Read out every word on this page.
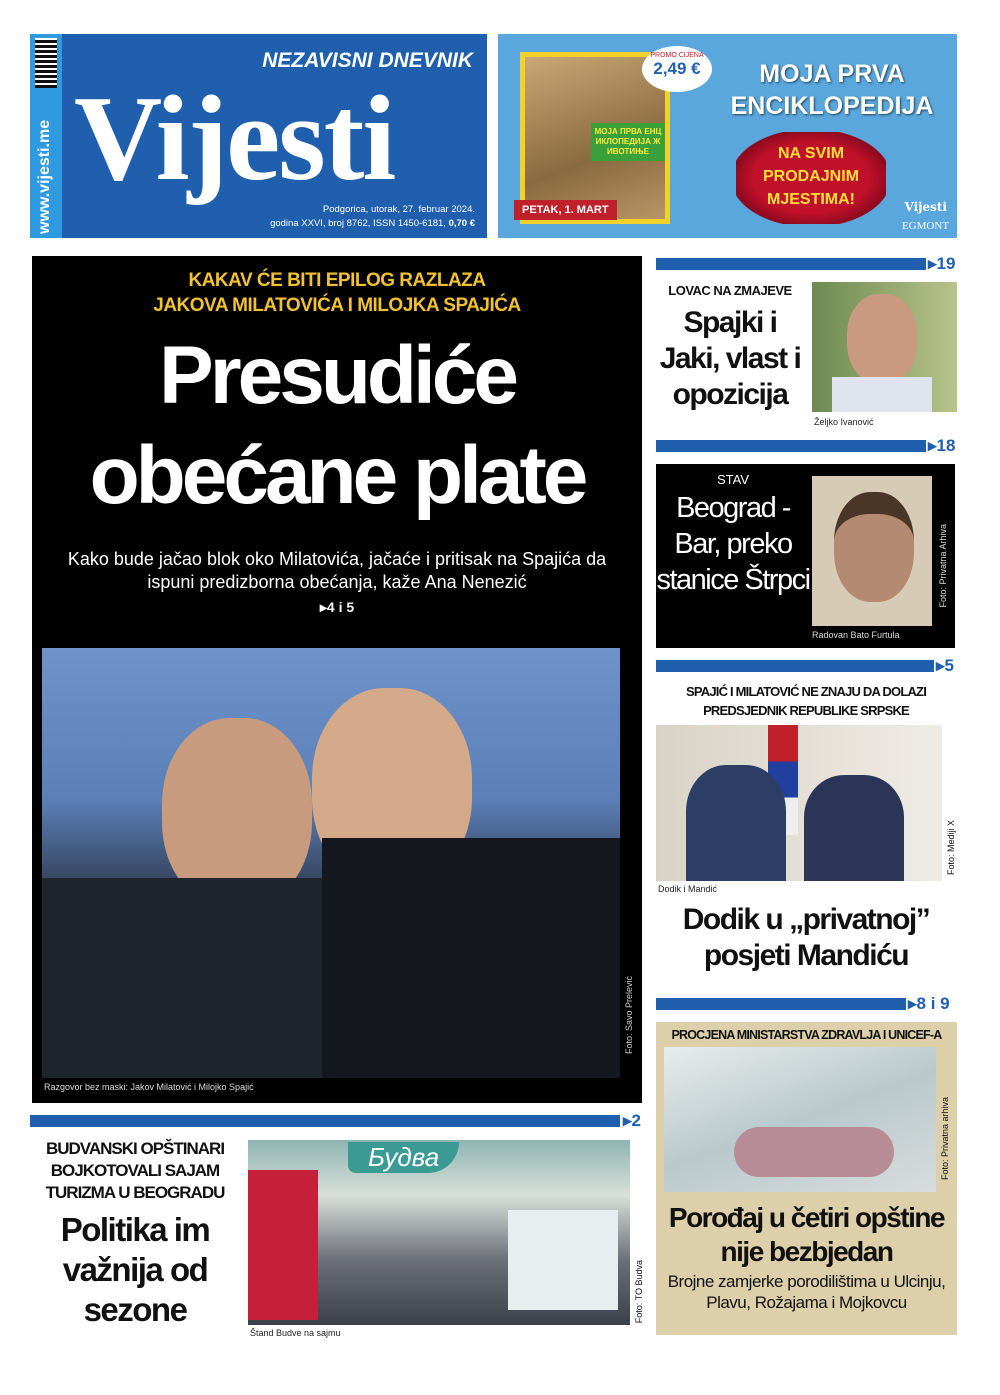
www.vijesti.me
NEZAVISNI DNEVNIK
Vijesti
Podgorica, utorak, 27. februar 2024.
godina XXVI, broj 8762, ISSN 1450-6181, 0,70 €
МОЈА ПРВА ЕНЦИКЛОПЕДИЈА ЖИВОТИЊЕ
PETAK, 1. MART
PROMO CIJENA
2,49 €	MOJA PRVA
ENCIKLOPEDIJA
NA SVIM PRODAJNIM MJESTIMA!	Vijesti
EGMONT
KAKAV ĆE BITI EPILOG RAZLAZA
JAKOVA MILATOVIĆA I MILOJKA SPAJIĆA
Presudiće
obećane plate
Kako bude jačao blok oko Milatovića, jačaće i pritisak na Spajića da ispuni predizborna obećanja, kaže Ana Nenezić
▸4 i 5
Foto: Savo Prelević
Razgovor bez maski: Jakov Milatović i Milojko Spajić
▸2
BUDVANSKI OPŠTINARI BOJKOTOVALI SAJAM TURIZMA U BEOGRADU
Politika im važnija od sezone
Будва
Foto: TO Budva
Štand Budve na sajmu
▸19
LOVAC NA ZMAJEVE
Spajki i Jaki, vlast i opozicija
Željko Ivanović
▸18
STAV
Beograd - Bar, preko stanice Štrpci
Radovan Bato Furtula
Foto: Privatna Arhiva
▸5
SPAJIĆ I MILATOVIĆ NE ZNAJU DA DOLAZI PREDSJEDNIK REPUBLIKE SRPSKE
Foto: Mediji X
Dodik i Mandić
Dodik u „privatnoj” posjeti Mandiću
▸8 i 9
PROCJENA MINISTARSTVA ZDRAVLJA I UNICEF-A
Foto: Privatna arhiva
Porođaj u četiri opštine nije bezbjedan
Brojne zamjerke porodilištima u Ulcinju, Plavu, Rožajama i Mojkovcu
